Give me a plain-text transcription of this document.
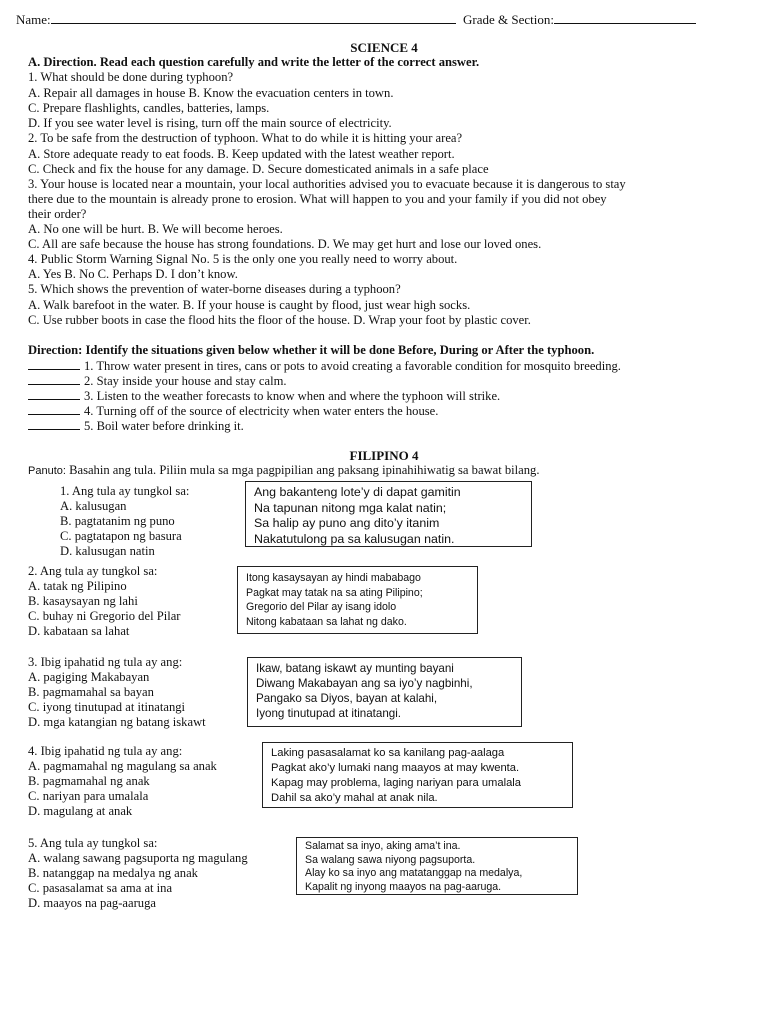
Name:	Grade & Section:
SCIENCE 4
A. Direction. Read each question carefully and write the letter of the correct answer.
1. What should be done during typhoon?
A. Repair all damages in house B. Know the evacuation centers in town.
C. Prepare flashlights, candles, batteries, lamps.
D. If you see water level is rising, turn off the main source of electricity.
2. To be safe from the destruction of typhoon. What to do while it is hitting your area?
A. Store adequate ready to eat foods. B. Keep updated with the latest weather report.
C. Check and fix the house for any damage. D. Secure domesticated animals in a safe place
3. Your house is located near a mountain, your local authorities advised you to evacuate because it is dangerous to stay
there due to the mountain is already prone to erosion. What will happen to you and your family if you did not obey
their order?
A. No one will be hurt. B. We will become heroes.
C. All are safe because the house has strong foundations. D. We may get hurt and lose our loved ones.
4. Public Storm Warning Signal No. 5 is the only one you really need to worry about.
A. Yes B. No C. Perhaps D. I don’t know.
5. Which shows the prevention of water-borne diseases during a typhoon?
A. Walk barefoot in the water. B. If your house is caught by flood, just wear high socks.
C. Use rubber boots in case the flood hits the floor of the house. D. Wrap your foot by plastic cover.
Direction: Identify the situations given below whether it will be done Before, During or After the typhoon.
1. Throw water present in tires, cans or pots to avoid creating a favorable condition for mosquito breeding.
2. Stay inside your house and stay calm.
3. Listen to the weather forecasts to know when and where the typhoon will strike.
4. Turning off of the source of electricity when water enters the house.
5. Boil water before drinking it.
FILIPINO 4
Panuto: Basahin ang tula. Piliin mula sa mga pagpipilian ang paksang ipinahihiwatig sa bawat bilang.
1. Ang tula ay tungkol sa:
A. kalusugan
B. pagtatanim ng puno
C. pagtatapon ng basura
D. kalusugan natin
Ang bakanteng lote’y di dapat gamitin
Na tapunan nitong mga kalat natin;
Sa halip ay puno ang dito’y itanim
Nakatutulong pa sa kalusugan natin.
2. Ang tula ay tungkol sa:
A. tatak ng Pilipino
B. kasaysayan ng lahi
C. buhay ni Gregorio del Pilar
D. kabataan sa lahat
Itong kasaysayan ay hindi mababago
Pagkat may tatak na sa ating Pilipino;
Gregorio del Pilar ay isang idolo
Nitong kabataan sa lahat ng dako.
3. Ibig ipahatid ng tula ay ang:
A. pagiging Makabayan
B. pagmamahal sa bayan
C. iyong tinutupad at itinatangi
D. mga katangian ng batang iskawt
Ikaw, batang iskawt ay munting bayani
Diwang Makabayan ang sa iyo’y nagbinhi,
Pangako sa Diyos, bayan at kalahi,
Iyong tinutupad at itinatangi.
4. Ibig ipahatid ng tula ay ang:
A. pagmamahal ng magulang sa anak
B. pagmamahal ng anak
C. nariyan para umalala
D. magulang at anak
Laking pasasalamat ko sa kanilang pag-aalaga
Pagkat ako’y lumaki nang maayos at may kwenta.
Kapag may problema, laging nariyan para umalala
Dahil sa ako’y mahal at anak nila.
5. Ang tula ay tungkol sa:
A. walang sawang pagsuporta ng magulang
B. natanggap na medalya ng anak
C. pasasalamat sa ama at ina
D. maayos na pag-aaruga
Salamat sa inyo, aking ama’t ina.
Sa walang sawa niyong pagsuporta.
Alay ko sa inyo ang matatanggap na medalya,
Kapalit ng inyong maayos na pag-aaruga.
